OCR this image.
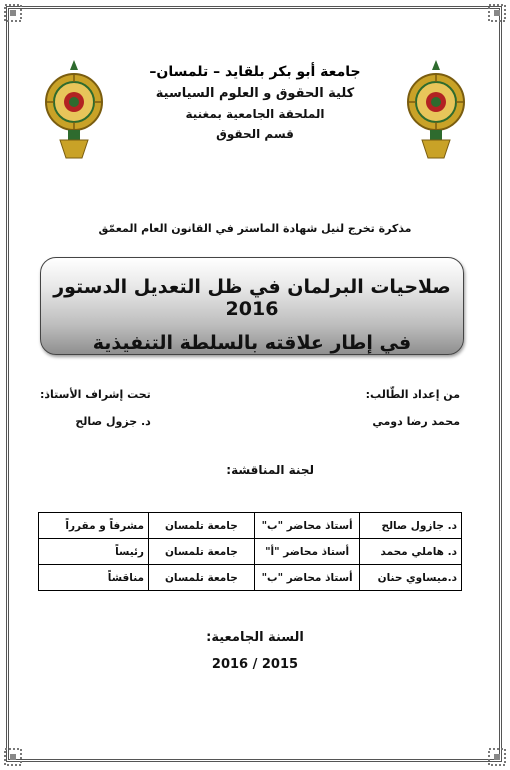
جامعة أبو بكر بلقايد – تلمسان–
كلية الحقوق و العلوم السياسية
الملحقة الجامعية بمغنية
قسم الحقوق
مذكرة تخرج لنيل شهادة الماستر في القانون العام المعمّق
صلاحيات البرلمان في ظل التعديل الدستور 2016
في إطار علاقته بالسلطة التنفيذية
من إعداد الطّالب:
محمد رضا دومي
تحت إشراف الأستاذ:
د. جزول صالح
لجنة المناقشة:
د. جازول صالح	أستاذ محاضر "ب"	جامعة تلمسان	مشرفاً و مقرراً
د. هاملي محمد	أستاذ محاضر "أ"	جامعة تلمسان	رئيساً
د.ميساوي حنان	أستاذ محاضر "ب"	جامعة تلمسان	مناقشاً
السنة الجامعية:
2016 / 2015
